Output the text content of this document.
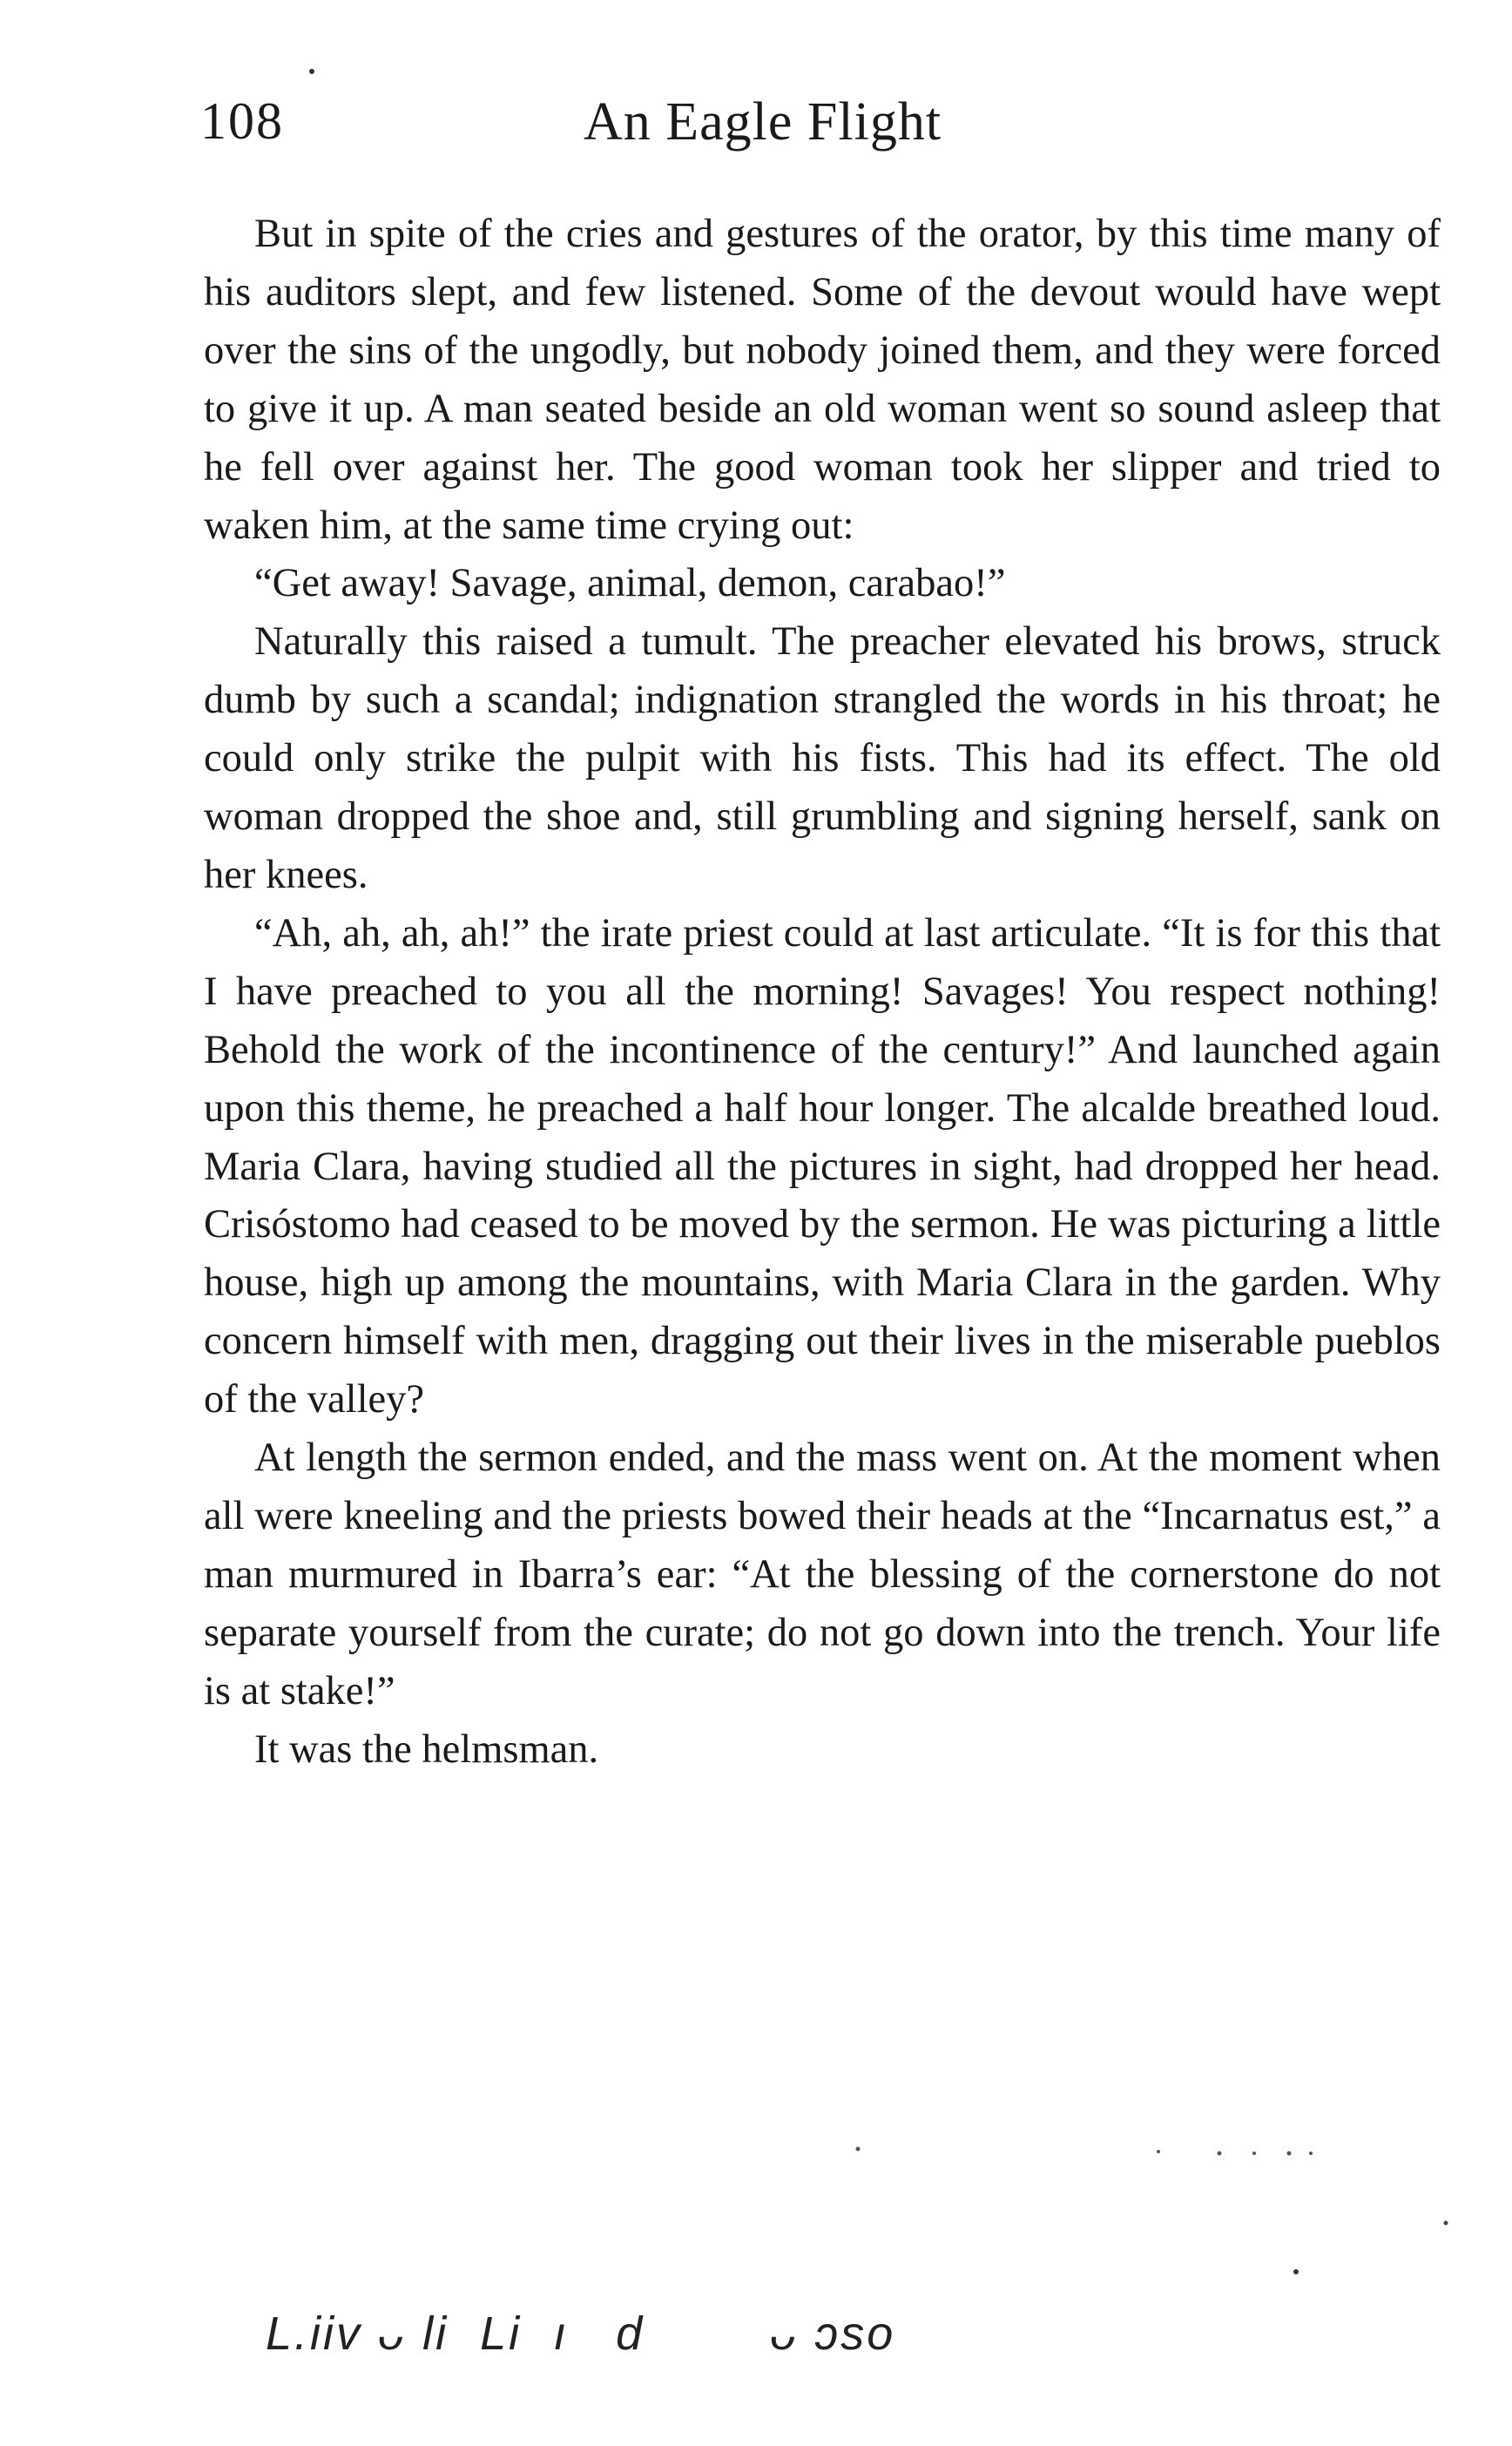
108	An Eagle Flight

But in spite of the cries and gestures of the orator, by this time many of his auditors slept, and few listened. Some of the devout would have wept over the sins of the ungodly, but nobody joined them, and they were forced to give it up. A man seated beside an old woman went so sound asleep that he fell over against her. The good woman took her slipper and tried to waken him, at the same time crying out:

“Get away! Savage, animal, demon, carabao!”

Naturally this raised a tumult. The preacher elevated his brows, struck dumb by such a scandal; indignation strangled the words in his throat; he could only strike the pulpit with his fists. This had its effect. The old woman dropped the shoe and, still grumbling and signing herself, sank on her knees.

“Ah, ah, ah, ah!” the irate priest could at last articulate. “It is for this that I have preached to you all the morning! Savages! You respect nothing! Behold the work of the incontinence of the century!” And launched again upon this theme, he preached a half hour longer. The alcalde breathed loud. Maria Clara, having studied all the pictures in sight, had dropped her head. Crisóstomo had ceased to be moved by the sermon. He was picturing a little house, high up among the mountains, with Maria Clara in the garden. Why concern himself with men, dragging out their lives in the miserable pueblos of the valley?

At length the sermon ended, and the mass went on. At the moment when all were kneeling and the priests bowed their heads at the “Incarnatus est,” a man murmured in Ibarra’s ear: “At the blessing of the cornerstone do not separate yourself from the curate; do not go down into the trench. Your life is at stake!”

It was the helmsman.

L.iiv ᴗ li  Li  ı   d        ᴗ ɔso
